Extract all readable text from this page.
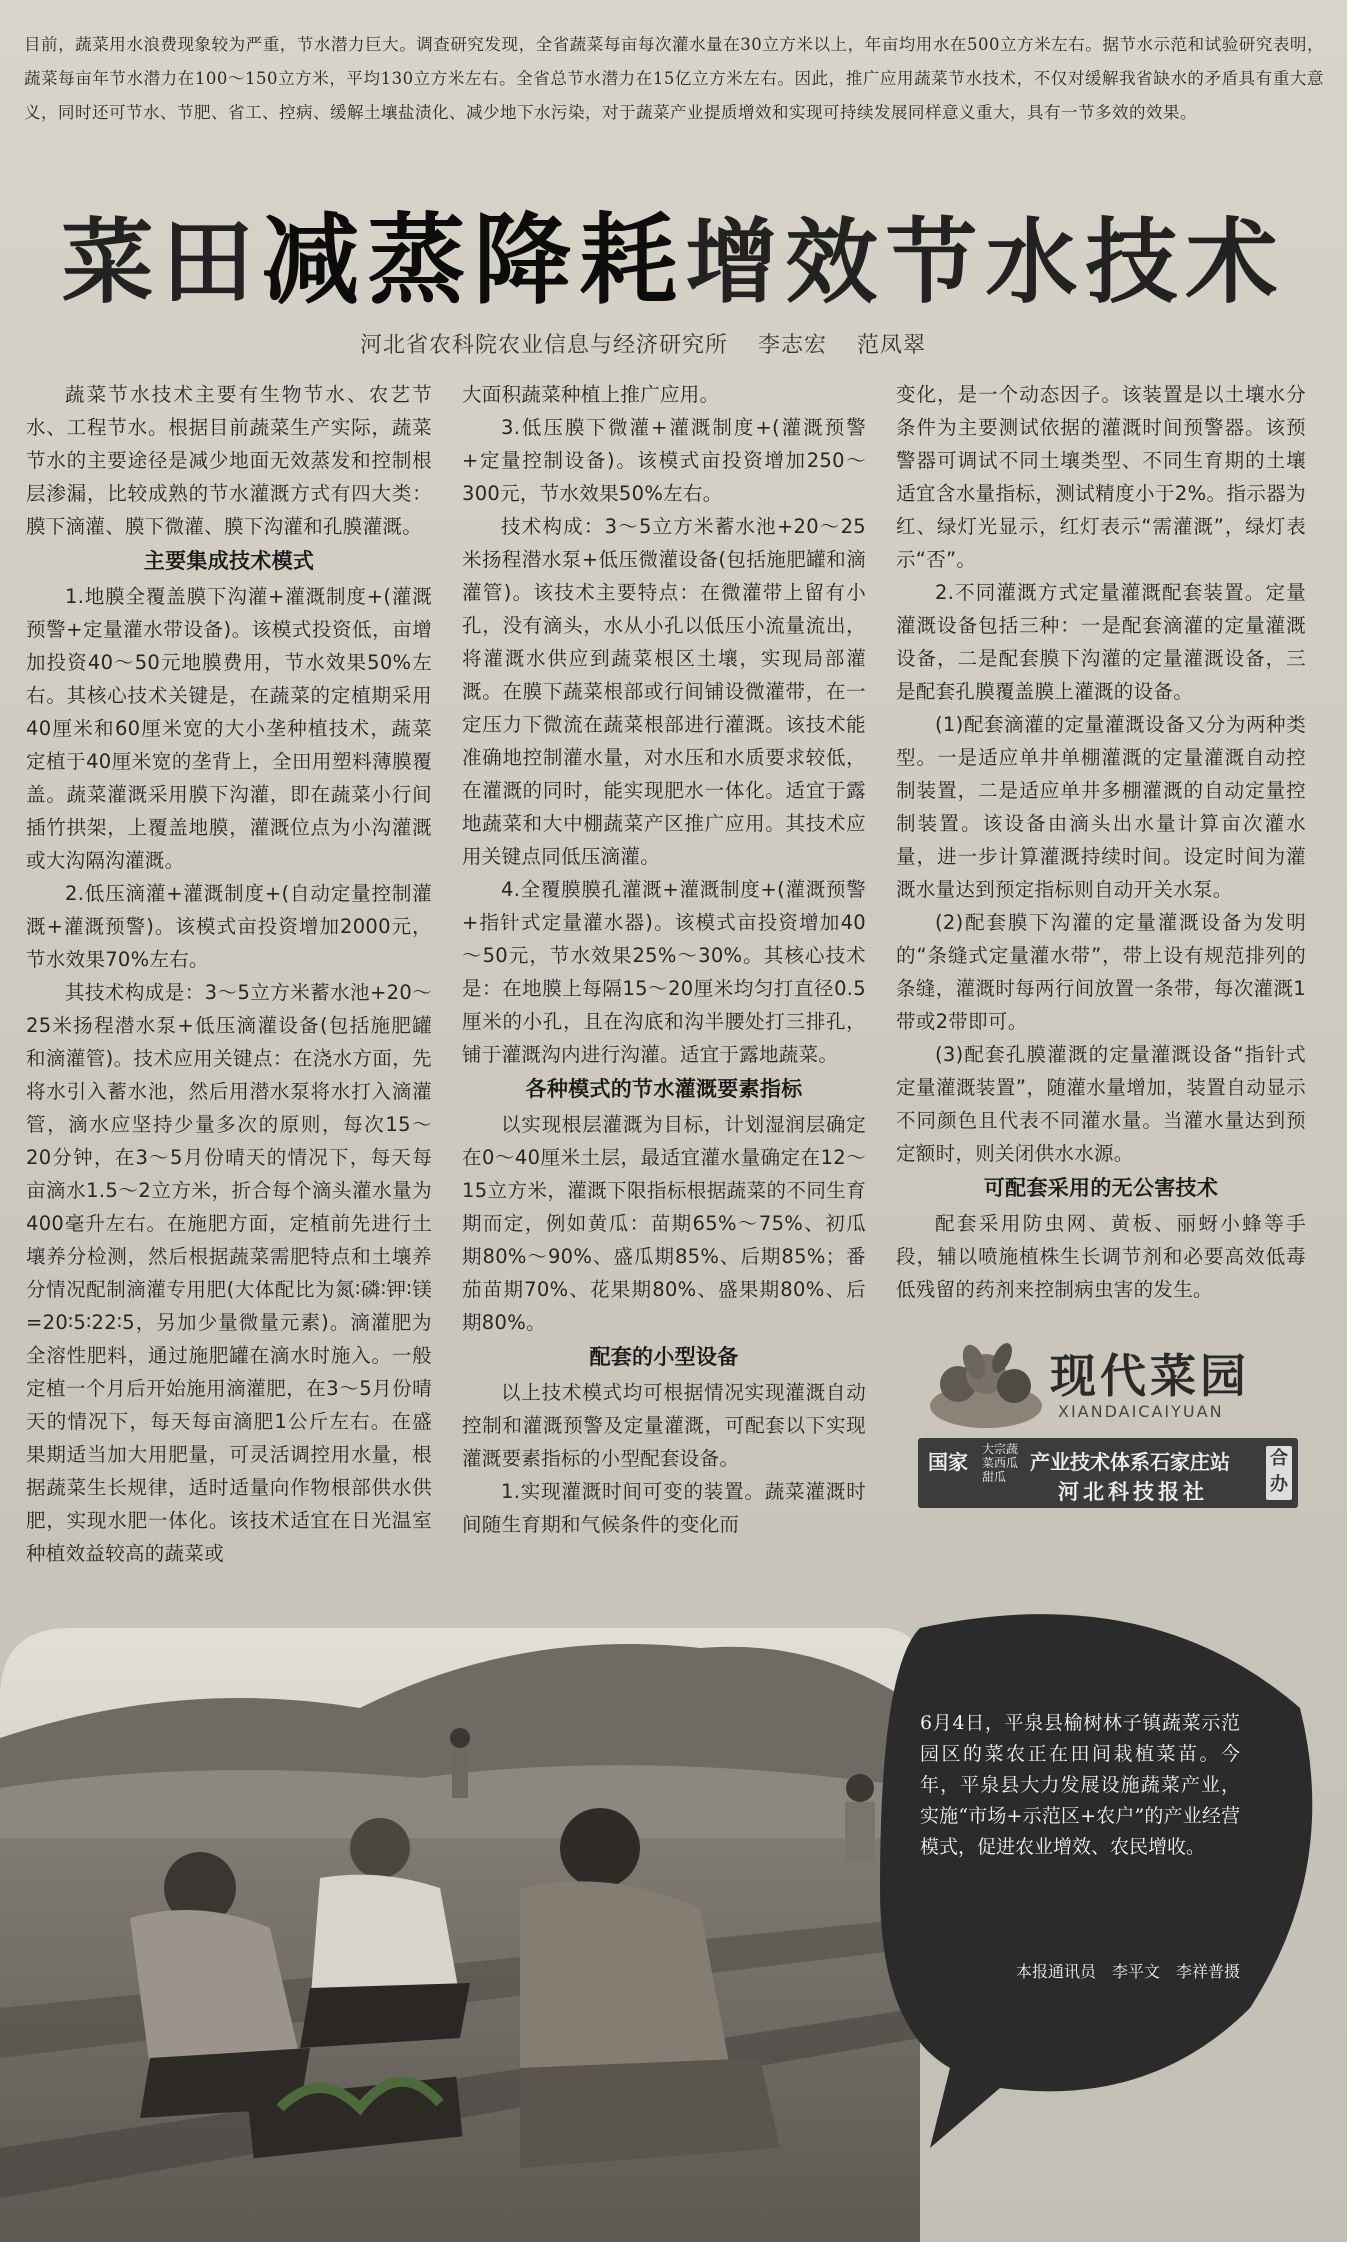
目前，蔬菜用水浪费现象较为严重，节水潜力巨大。调查研究发现，全省蔬菜每亩每次灌水量在30立方米以上，年亩均用水在500立方米左右。据节水示范和试验研究表明，蔬菜每亩年节水潜力在100～150立方米，平均130立方米左右。全省总节水潜力在15亿立方米左右。因此，推广应用蔬菜节水技术，不仅对缓解我省缺水的矛盾具有重大意义，同时还可节水、节肥、省工、控病、缓解土壤盐渍化、减少地下水污染，对于蔬菜产业提质增效和实现可持续发展同样意义重大，具有一节多效的效果。
菜田减蒸降耗增效节水技术
河北省农科院农业信息与经济研究所 李志宏 范凤翠

蔬菜节水技术主要有生物节水、农艺节水、工程节水。根据目前蔬菜生产实际，蔬菜节水的主要途径是减少地面无效蒸发和控制根层渗漏，比较成熟的节水灌溉方式有四大类：膜下滴灌、膜下微灌、膜下沟灌和孔膜灌溉。

主要集成技术模式

1.地膜全覆盖膜下沟灌+灌溉制度+(灌溉预警+定量灌水带设备)。该模式投资低，亩增加投资40～50元地膜费用，节水效果50%左右。其核心技术关键是，在蔬菜的定植期采用40厘米和60厘米宽的大小垄种植技术，蔬菜定植于40厘米宽的垄背上，全田用塑料薄膜覆盖。蔬菜灌溉采用膜下沟灌，即在蔬菜小行间插竹拱架，上覆盖地膜，灌溉位点为小沟灌溉或大沟隔沟灌溉。

2.低压滴灌+灌溉制度+(自动定量控制灌溉+灌溉预警)。该模式亩投资增加2000元，节水效果70%左右。

其技术构成是：3～5立方米蓄水池+20～25米扬程潜水泵+低压滴灌设备(包括施肥罐和滴灌管)。技术应用关键点：在浇水方面，先将水引入蓄水池，然后用潜水泵将水打入滴灌管，滴水应坚持少量多次的原则，每次15～20分钟，在3～5月份晴天的情况下，每天每亩滴水1.5～2立方米，折合每个滴头灌水量为400毫升左右。在施肥方面，定植前先进行土壤养分检测，然后根据蔬菜需肥特点和土壤养分情况配制滴灌专用肥(大体配比为氮∶磷∶钾∶镁=20∶5∶22∶5，另加少量微量元素)。滴灌肥为全溶性肥料，通过施肥罐在滴水时施入。一般定植一个月后开始施用滴灌肥，在3～5月份晴天的情况下，每天每亩滴肥1公斤左右。在盛果期适当加大用肥量，可灵活调控用水量，根据蔬菜生长规律，适时适量向作物根部供水供肥，实现水肥一体化。该技术适宜在日光温室种植效益较高的蔬菜或

大面积蔬菜种植上推广应用。

3.低压膜下微灌+灌溉制度+(灌溉预警+定量控制设备)。该模式亩投资增加250～300元，节水效果50%左右。

技术构成：3～5立方米蓄水池+20～25米扬程潜水泵+低压微灌设备(包括施肥罐和滴灌管)。该技术主要特点：在微灌带上留有小孔，没有滴头，水从小孔以低压小流量流出，将灌溉水供应到蔬菜根区土壤，实现局部灌溉。在膜下蔬菜根部或行间铺设微灌带，在一定压力下微流在蔬菜根部进行灌溉。该技术能准确地控制灌水量，对水压和水质要求较低，在灌溉的同时，能实现肥水一体化。适宜于露地蔬菜和大中棚蔬菜产区推广应用。其技术应用关键点同低压滴灌。

4.全覆膜膜孔灌溉+灌溉制度+(灌溉预警+指针式定量灌水器)。该模式亩投资增加40～50元，节水效果25%～30%。其核心技术是：在地膜上每隔15～20厘米均匀打直径0.5厘米的小孔，且在沟底和沟半腰处打三排孔，铺于灌溉沟内进行沟灌。适宜于露地蔬菜。

各种模式的节水灌溉要素指标

以实现根层灌溉为目标，计划湿润层确定在0～40厘米土层，最适宜灌水量确定在12～15立方米，灌溉下限指标根据蔬菜的不同生育期而定，例如黄瓜：苗期65%～75%、初瓜期80%～90%、盛瓜期85%、后期85%；番茄苗期70%、花果期80%、盛果期80%、后期80%。

配套的小型设备

以上技术模式均可根据情况实现灌溉自动控制和灌溉预警及定量灌溉，可配套以下实现灌溉要素指标的小型配套设备。

1.实现灌溉时间可变的装置。蔬菜灌溉时间随生育期和气候条件的变化而

变化，是一个动态因子。该装置是以土壤水分条件为主要测试依据的灌溉时间预警器。该预警器可调试不同土壤类型、不同生育期的土壤适宜含水量指标，测试精度小于2%。指示器为红、绿灯光显示，红灯表示“需灌溉”，绿灯表示“否”。

2.不同灌溉方式定量灌溉配套装置。定量灌溉设备包括三种：一是配套滴灌的定量灌溉设备，二是配套膜下沟灌的定量灌溉设备，三是配套孔膜覆盖膜上灌溉的设备。

(1)配套滴灌的定量灌溉设备又分为两种类型。一是适应单井单棚灌溉的定量灌溉自动控制装置，二是适应单井多棚灌溉的自动定量控制装置。该设备由滴头出水量计算亩次灌水量，进一步计算灌溉持续时间。设定时间为灌溉水量达到预定指标则自动开关水泵。

(2)配套膜下沟灌的定量灌溉设备为发明的“条缝式定量灌水带”，带上设有规范排列的条缝，灌溉时每两行间放置一条带，每次灌溉1带或2带即可。

(3)配套孔膜灌溉的定量灌溉设备“指针式定量灌溉装置”，随灌水量增加，装置自动显示不同颜色且代表不同灌水量。当灌水量达到预定额时，则关闭供水水源。

可配套采用的无公害技术

配套采用防虫网、黄板、丽蚜小蜂等手段，辅以喷施植株生长调节剂和必要高效低毒低残留的药剂来控制病虫害的发生。

现代菜园
XIANDAICAIYUAN
国家
大宗蔬菜西瓜甜瓜
产业技术体系石家庄站
河北科技报社
合办
6月4日，平泉县榆树林子镇蔬菜示范园区的菜农正在田间栽植菜苗。今年，平泉县大力发展设施蔬菜产业，实施“市场+示范区+农户”的产业经营模式，促进农业增效、农民增收。
本报通讯员　李平文　李祥普摄
